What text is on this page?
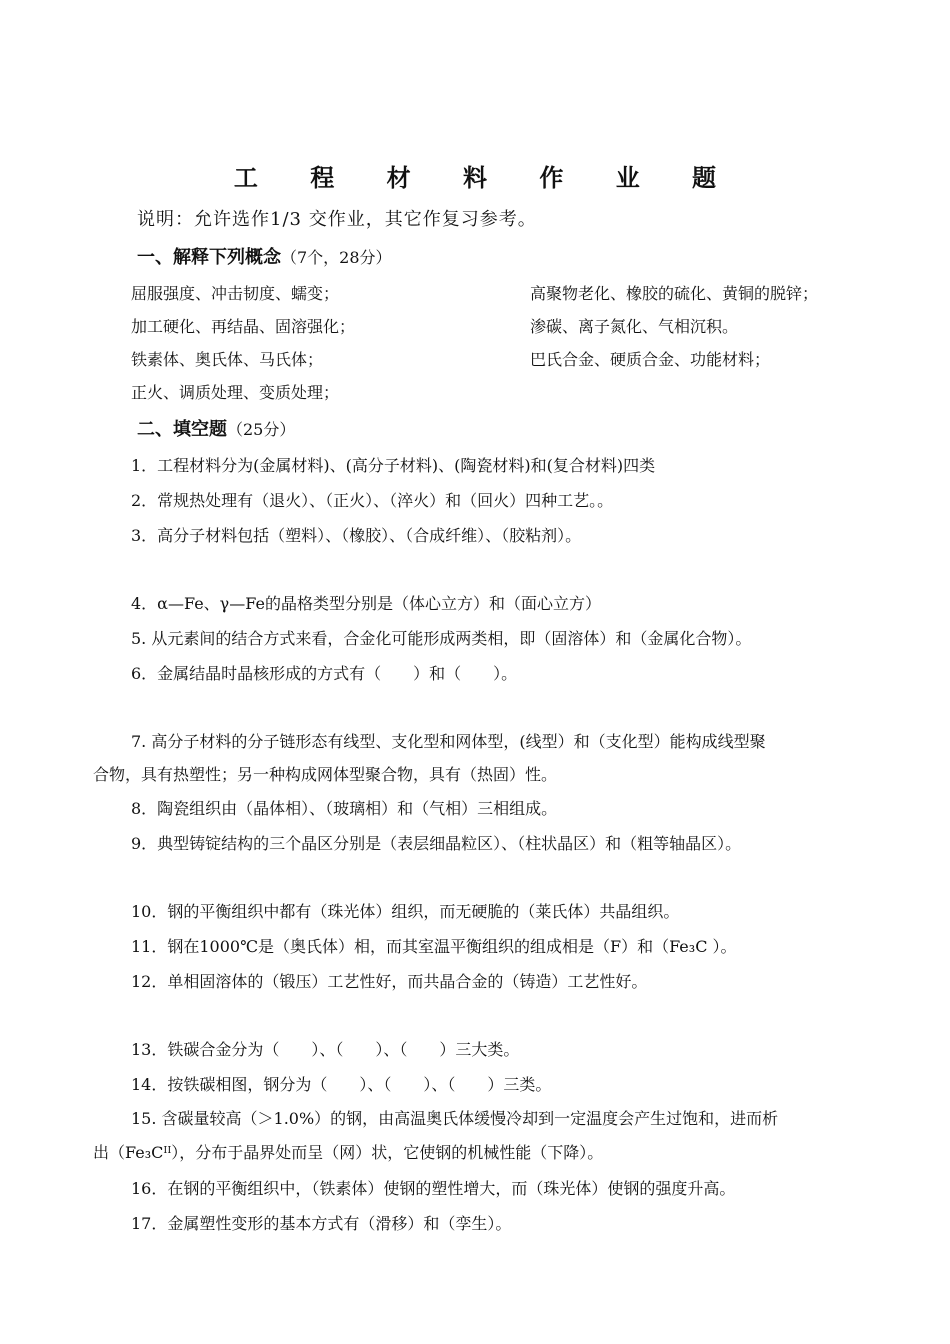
工 程 材 料 作 业 题
说明：允许选作1/3 交作业，其它作复习参考。
一、解释下列概念（7个，28分）
屈服强度、冲击韧度、蠕变；	高聚物老化、橡胶的硫化、黄铜的脱锌；
加工硬化、再结晶、固溶强化；	渗碳、离子氮化、气相沉积。
铁素体、奥氏体、马氏体；	巴氏合金、硬质合金、功能材料；
正火、调质处理、变质处理；
二、填空题（25分）
1．工程材料分为(金属材料)、(高分子材料)、(陶瓷材料)和(复合材料)四类
2．常规热处理有（退火）、（正火）、（淬火）和（回火）四种工艺。。
3．高分子材料包括（塑料）、（橡胶）、（合成纤维）、（胶粘剂）。
4．α—Fe、γ—Fe的晶格类型分别是（体心立方）和（面心立方）
5. 从元素间的结合方式来看，合金化可能形成两类相，即（固溶体）和（金属化合物）。
6．金属结晶时晶核形成的方式有（　　）和（　　）。
7. 高分子材料的分子链形态有线型、支化型和网体型，(线型）和（支化型）能构成线型聚
合物，具有热塑性；另一种构成网体型聚合物，具有（热固）性。
8．陶瓷组织由（晶体相）、（玻璃相）和（气相）三相组成。
9．典型铸锭结构的三个晶区分别是（表层细晶粒区）、（柱状晶区）和（粗等轴晶区）。
10．钢的平衡组织中都有（珠光体）组织，而无硬脆的（莱氏体）共晶组织。
11．钢在1000℃是（奥氏体）相，而其室温平衡组织的组成相是（F）和（Fe₃C ）。
12．单相固溶体的（锻压）工艺性好，而共晶合金的（铸造）工艺性好。
13．铁碳合金分为（　　）、（　　）、（　　）三大类。
14．按铁碳相图，钢分为（　　）、（　　）、（　　）三类。
15. 含碳量较高（＞1.0%）的钢，由高温奥氏体缓慢冷却到一定温度会产生过饱和，进而析
出（Fe₃Cᴵᴵ），分布于晶界处而呈（网）状，它使钢的机械性能（下降）。
16．在钢的平衡组织中，（铁素体）使钢的塑性增大，而（珠光体）使钢的强度升高。
17．金属塑性变形的基本方式有（滑移）和（孪生）。
